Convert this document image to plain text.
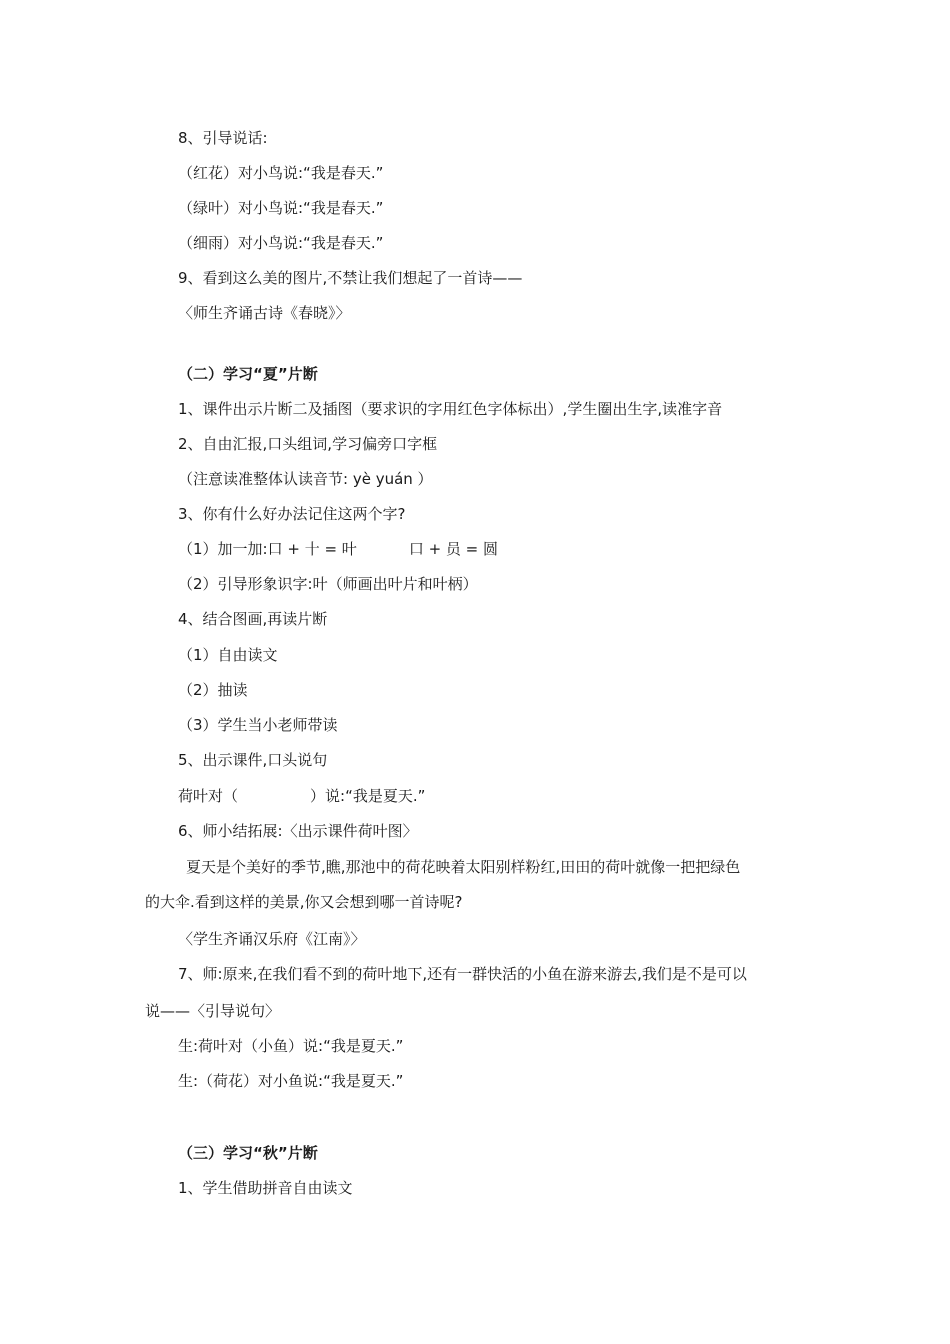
8、引导说话:
（红花）对小鸟说:“我是春天.”
（绿叶）对小鸟说:“我是春天.”
（细雨）对小鸟说:“我是春天.”
9、看到这么美的图片,不禁让我们想起了一首诗——
〈师生齐诵古诗《春晓》〉
（二）学习“夏”片断
1、课件出示片断二及插图（要求识的字用红色字体标出）,学生圈出生字,读准字音
2、自由汇报,口头组词,学习偏旁口字框
（注意读准整体认读音节: yè yuán ）
3、你有什么好办法记住这两个字?
（1）加一加:口 + 十 = 叶	口 + 员 = 圆
（2）引导形象识字:叶（师画出叶片和叶柄）
4、结合图画,再读片断
（1）自由读文
（2）抽读
（3）学生当小老师带读
5、出示课件,口头说句
荷叶对（	）说:“我是夏天.”
6、师小结拓展:〈出示课件荷叶图〉
夏天是个美好的季节,瞧,那池中的荷花映着太阳别样粉红,田田的荷叶就像一把把绿色
的大伞.看到这样的美景,你又会想到哪一首诗呢?
〈学生齐诵汉乐府《江南》〉
7、师:原来,在我们看不到的荷叶地下,还有一群快活的小鱼在游来游去,我们是不是可以
说——〈引导说句〉
生:荷叶对（小鱼）说:“我是夏天.”
生:（荷花）对小鱼说:“我是夏天.”
（三）学习“秋”片断
1、学生借助拼音自由读文
